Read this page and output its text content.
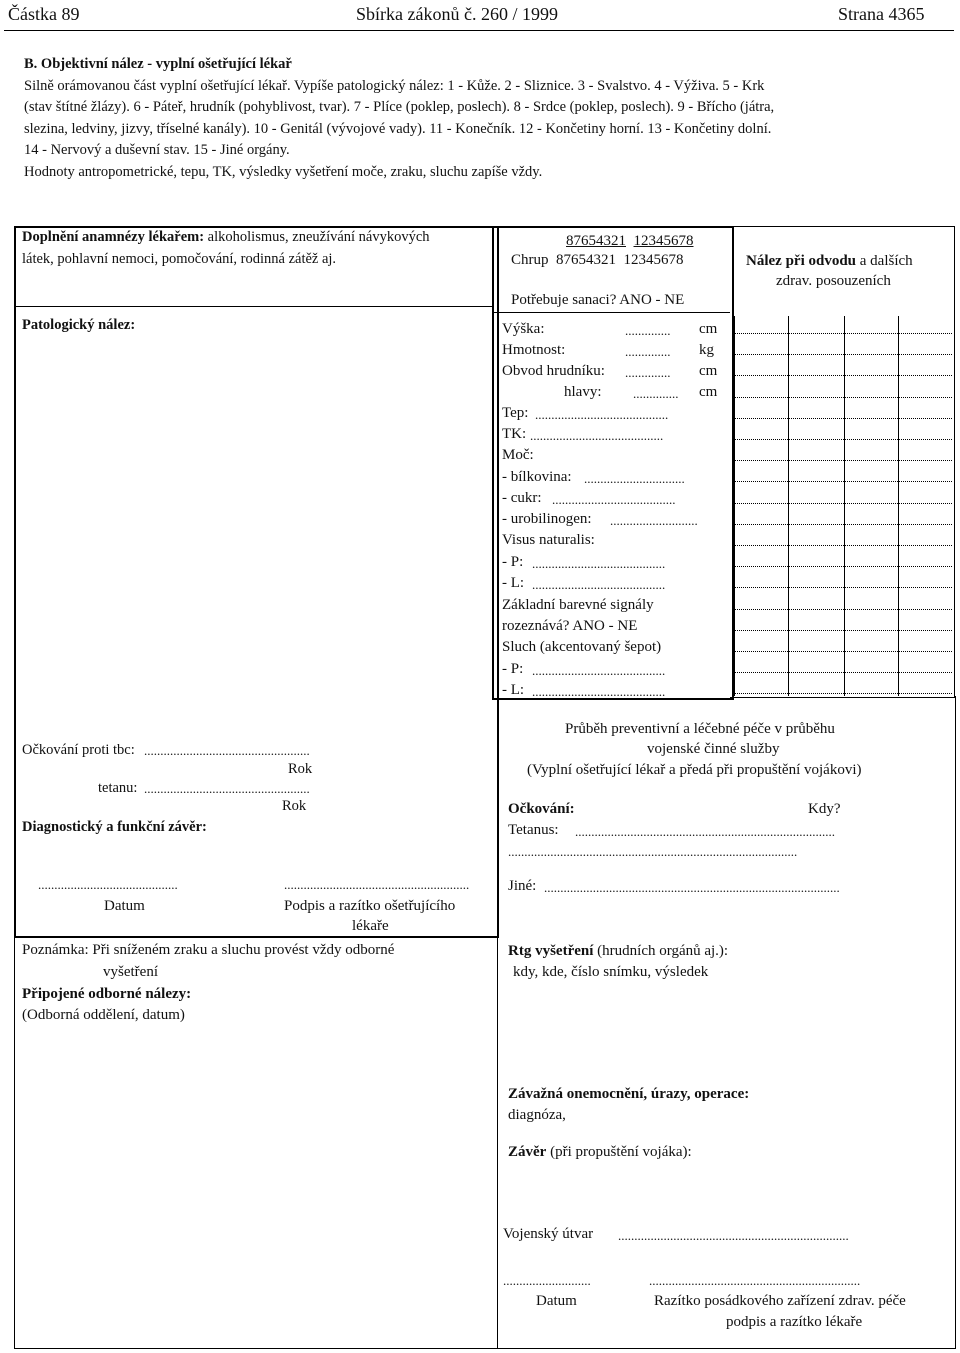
Částka 89	Sbírka zákonů č. 260 / 1999	Strana 4365
B. Objektivní nález - vyplní ošetřující lékař
Silně orámovanou část vyplní ošetřující lékař. Vypíše patologický nález: 1 - Kůže. 2 - Sliznice. 3 - Svalstvo. 4 - Výživa. 5 - Krk
(stav štítné žlázy). 6 - Páteř, hrudník (pohyblivost, tvar). 7 - Plíce (poklep, poslech). 8 - Srdce (poklep, poslech). 9 - Břícho (játra,
slezina, ledviny, jizvy, tříselné kanály). 10 - Genitál (vývojové vady). 11 - Konečník. 12 - Končetiny horní. 13 - Končetiny dolní.
14 - Nervový a duševní stav. 15 - Jiné orgány.
Hodnoty antropometrické, tepu, TK, výsledky vyšetření moče, zraku, sluchu zapíše vždy.
Doplnění anamnézy lékařem: alkoholismus, zneužívání návykových
látek, pohlavní nemoci, pomočování, rodinná zátěž aj.
Patologický nález:
87654321 12345678
Chrup 87654321 12345678
Potřebuje sanaci? ANO - NE
Výška:	.............. cm
Hmotnost:	.............. kg
Obvod hrudníku: .............. cm
hlavy: .............. cm
Tep: .........................................
TK: .........................................
Moč:
- bílkovina: ...............................
- cukr: ......................................
- urobilinogen: ...........................
Visus naturalis:
- P: .........................................
- L: .........................................
Základní barevné signály
rozeznává? ANO - NE
Sluch (akcentovaný šepot)
- P: .........................................
- L: .........................................
Nález při odvodu a dalších
zdrav. posouzeních
Očkování proti tbc: ...................................................
Rok
tetanu: ...................................................
Rok
Diagnostický a funkční závěr:
...........................................	.........................................................
Datum	Podpis a razítko ošetřujícího
lékaře
Poznámka: Při sníženém zraku a sluchu provést vždy odborné
vyšetření
Připojené odborné nálezy:
(Odborná oddělení, datum)
Průběh preventivní a léčebné péče v průběhu
vojenské činné služby
(Vyplní ošetřující lékař a předá při propuštění vojákovi)
Očkování:	Kdy?
Tetanus: ................................................................................
.........................................................................................
Jiné: ...........................................................................................
Rtg vyšetření (hrudních orgánů aj.):
kdy, kde, číslo snímku, výsledek
Závažná onemocnění, úrazy, operace:
diagnóza,
Závěr (při propuštění vojáka):
Vojenský útvar .......................................................................
...........................	.................................................................
Datum	Razítko posádkového zařízení zdrav. péče
podpis a razítko lékaře
